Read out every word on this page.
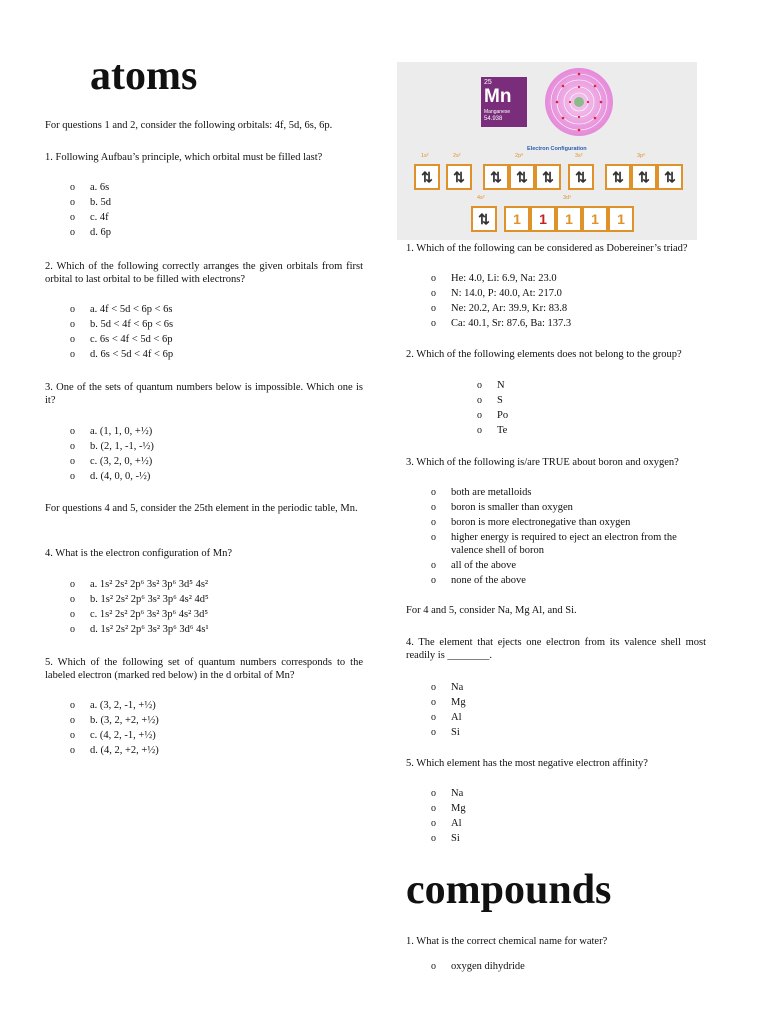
atoms

For questions 1 and 2, consider the following orbitals: 4f, 5d, 6s, 6p.

1. Following Aufbau’s principle, which orbital must be filled last?

o a. 6s
o b. 5d
o c. 4f
o d. 6p

2. Which of the following correctly arranges the given orbitals from first orbital to last orbital to be filled with electrons?

o a. 4f < 5d < 6p < 6s
o b. 5d < 4f < 6p < 6s
o c. 6s < 4f < 5d < 6p
o d. 6s < 5d < 4f < 6p

3. One of the sets of quantum numbers below is impossible. Which one is it?

o a. (1, 1, 0, +½)
o b. (2, 1, -1, -½)
o c. (3, 2, 0, +½)
o d. (4, 0, 0, -½)

For questions 4 and 5, consider the 25th element in the periodic table, Mn.

4. What is the electron configuration of Mn?

o a. 1s² 2s² 2p⁶ 3s² 3p⁶ 3d⁵ 4s²
o b. 1s² 2s² 2p⁶ 3s² 3p⁶ 4s² 4d⁵
o c. 1s² 2s² 2p⁶ 3s² 3p⁶ 4s² 3d⁵
o d. 1s² 2s² 2p⁶ 3s² 3p⁶ 3d⁶ 4s¹

5. Which of the following set of quantum numbers corresponds to the labeled electron (marked red below) in the d orbital of Mn?

o a. (3, 2, -1, +½)
o b. (3, 2, +2, +½)
o c. (4, 2, -1, +½)
o d. (4, 2, +2, +½)
25
Mn
Manganese
54.938
Electron Configuration
1s²	2s²	2p⁶	3s²	3p⁶
⇅	⇅	⇅	⇅	⇅	⇅	⇅	⇅	⇅
4s²	3d⁵
⇅	1	1	1	1	1

1. Which of the following can be considered as Dobereiner’s triad?

o He: 4.0, Li: 6.9, Na: 23.0
o N: 14.0, P: 40.0, At: 217.0
o Ne: 20.2, Ar: 39.9, Kr: 83.8
o Ca: 40.1, Sr: 87.6, Ba: 137.3

2. Which of the following elements does not belong to the group?

o N
o S
o Po
o Te

3. Which of the following is/are TRUE about boron and oxygen?

o both are metalloids
o boron is smaller than oxygen
o boron is more electronegative than oxygen
o higher energy is required to eject an electron from the valence shell of boron
o all of the above
o none of the above

For 4 and 5, consider Na, Mg Al, and Si.

4. The element that ejects one electron from its valence shell most readily is ________.

o Na
o Mg
o Al
o Si

5. Which element has the most negative electron affinity?

o Na
o Mg
o Al
o Si
compounds

1. What is the correct chemical name for water?

o oxygen dihydride
